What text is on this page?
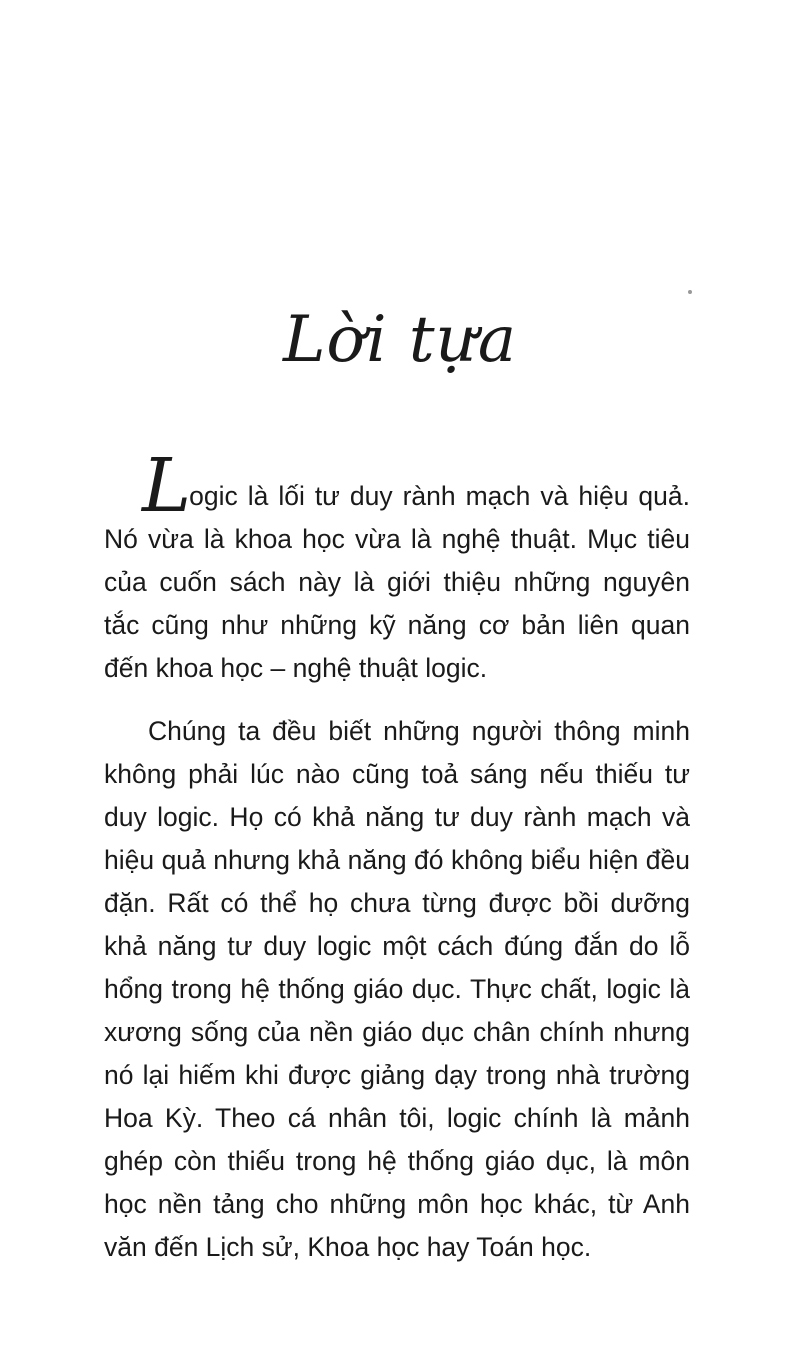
Lời tựa

Logic là lối tư duy rành mạch và hiệu quả. Nó vừa là khoa học vừa là nghệ thuật. Mục tiêu của cuốn sách này là giới thiệu những nguyên tắc cũng như những kỹ năng cơ bản liên quan đến khoa học – nghệ thuật logic.

Chúng ta đều biết những người thông minh không phải lúc nào cũng toả sáng nếu thiếu tư duy logic. Họ có khả năng tư duy rành mạch và hiệu quả nhưng khả năng đó không biểu hiện đều đặn. Rất có thể họ chưa từng được bồi dưỡng khả năng tư duy logic một cách đúng đắn do lỗ hổng trong hệ thống giáo dục. Thực chất, logic là xương sống của nền giáo dục chân chính nhưng nó lại hiếm khi được giảng dạy trong nhà trường Hoa Kỳ. Theo cá nhân tôi, logic chính là mảnh ghép còn thiếu trong hệ thống giáo dục, là môn học nền tảng cho những môn học khác, từ Anh văn đến Lịch sử, Khoa học hay Toán học.
